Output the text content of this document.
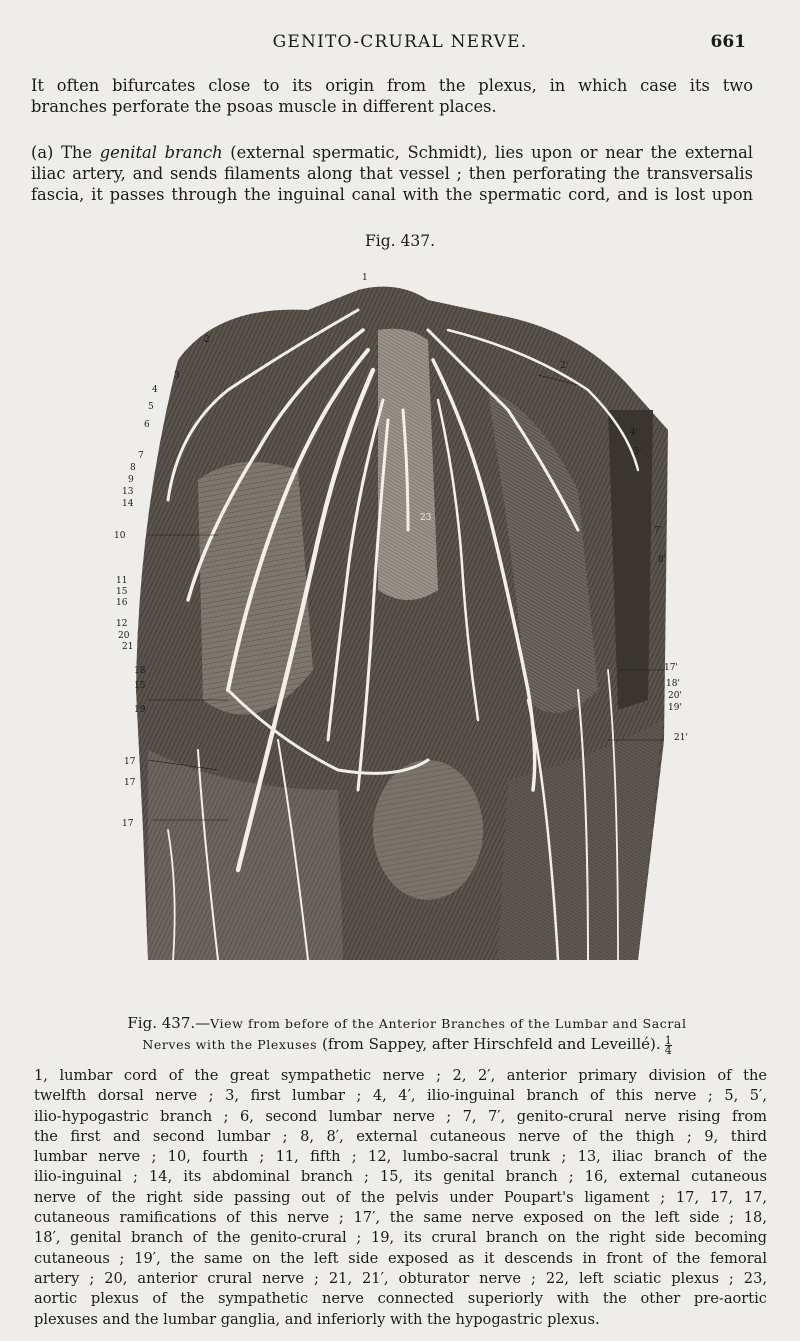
GENITO-CRURAL NERVE.	661
It often bifurcates close to its origin from the plexus, in which case its two
branches perforate the psoas muscle in different places.
(a) The genital branch (external spermatic, Schmidt), lies upon or near the external
iliac artery, and sends filaments along that vessel ; then perforating the transversalis
fascia, it passes through the inguinal canal with the spermatic cord, and is lost upon
Fig. 437.
1
2
3
4
5
6
7
8
9
13
14
10
11
15
16
12
20
21
18
15
19
17
17
17
2'
4'
5'
7'
8'
17'
18'
20'
19'
21'
23
Fig. 437.—View from before of the Anterior Branches of the Lumbar and Sacral
Nerves with the Plexuses (from Sappey, after Hirschfeld and Leveillé). $\frac{1}{4}$
1, lumbar cord of the great sympathetic nerve ; 2, 2′, anterior primary division of the
twelfth dorsal nerve ; 3, first lumbar ; 4, 4′, ilio-inguinal branch of this nerve ; 5, 5′,
ilio-hypogastric branch ; 6, second lumbar nerve ; 7, 7′, genito-crural nerve rising from
the first and second lumbar ; 8, 8′, external cutaneous nerve of the thigh ; 9, third
lumbar nerve ; 10, fourth ; 11, fifth ; 12, lumbo-sacral trunk ; 13, iliac branch of the
ilio-inguinal ; 14, its abdominal branch ; 15, its genital branch ; 16, external cutaneous
nerve of the right side passing out of the pelvis under Poupart's ligament ; 17, 17, 17,
cutaneous ramifications of this nerve ; 17′, the same nerve exposed on the left side ; 18,
18′, genital branch of the genito-crural ; 19, its crural branch on the right side becoming
cutaneous ; 19′, the same on the left side exposed as it descends in front of the femoral
artery ; 20, anterior crural nerve ; 21, 21′, obturator nerve ; 22, left sciatic plexus ; 23,
aortic plexus of the sympathetic nerve connected superiorly with the other pre-aortic
plexuses and the lumbar ganglia, and inferiorly with the hypogastric plexus.
